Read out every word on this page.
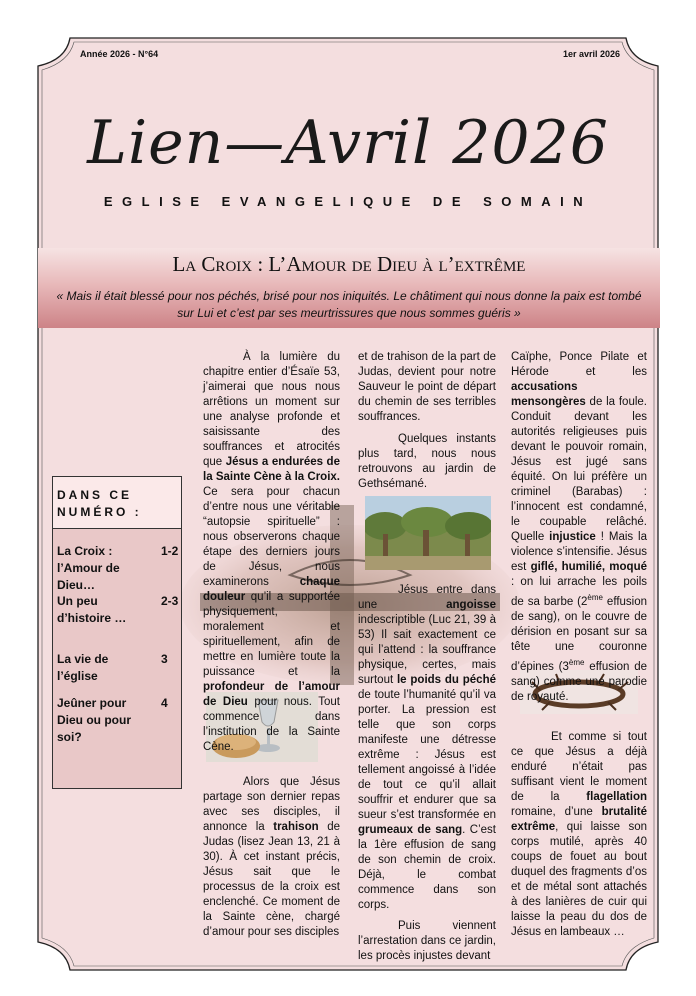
Année 2026 - N°64	1er avril 2026
Lien—Avril 2026
EGLISE EVANGELIQUE DE SOMAIN
La Croix : L’Amour de Dieu à l’extrême
« Mais il était blessé pour nos péchés, brisé pour nos iniquités. Le châtiment qui nous donne la paix est tombé sur Lui et c’est par ses meurtrissures que nous sommes guéris »
DANS CE NUMÉRO :
La Croix : l’Amour de Dieu…
1-2
Un peu d’histoire …
2-3
La vie de l’église
3
Jeûner pour Dieu ou pour soi?
4

À la lumière du chapitre entier d’Ésaïe 53, j’aimerai que nous nous arrêtions un moment sur une analyse profonde et saisissante des souffrances et atrocités que Jésus a endurées de la Sainte Cène à la Croix. Ce sera pour chacun d’entre nous une véritable “autopsie spirituelle” : nous observerons chaque étape des derniers jours de Jésus, nous examinerons chaque douleur qu’il a supportée physiquement, moralement et spirituellement, afin de mettre en lumière toute la puissance et la profondeur de l’amour de Dieu pour nous. Tout commence dans l’institution de la Sainte Cène.

Alors que Jésus partage son dernier repas avec ses disciples, il annonce la trahison de Judas (lisez Jean 13, 21 à 30). À cet instant précis, Jésus sait que le processus de la croix est enclenché. Ce moment de la Sainte cène, chargé d’amour pour ses disciples

et de trahison de la part de Judas, devient pour notre Sauveur le point de départ du chemin de ses terribles souffrances.

Quelques instants plus tard, nous nous retrouvons au jardin de Gethsémané.

Jésus entre dans une angoisse indescriptible (Luc 21, 39 à 53) Il sait exactement ce qui l’attend : la souffrance physique, certes, mais surtout le poids du péché de toute l’humanité qu’il va porter. La pression est telle que son corps manifeste une détresse extrême : Jésus est tellement angoissé à l’idée de tout ce qu’il allait souffrir et endurer que sa sueur s’est transformée en grumeaux de sang. C’est la 1ère effusion de sang de son chemin de croix. Déjà, le combat commence dans son corps.

Puis viennent l’arrestation dans ce jardin, les procès injustes devant

Caïphe, Ponce Pilate et Hérode et les accusations mensongères de la foule. Conduit devant les autorités religieuses puis devant le pouvoir romain, Jésus est jugé sans équité. On lui préfère un criminel (Barabas) : l’innocent est condamné, le coupable relâché. Quelle injustice ! Mais la violence s’intensifie. Jésus est giflé, humilié, moqué : on lui arrache les poils de sa barbe (2ème effusion de sang), on le couvre de dérision en posant sur sa tête une couronne d’épines (3ème effusion de sang) comme une parodie de royauté.

Et comme si tout ce que Jésus a déjà enduré n’était pas suffisant vient le moment de la flagellation romaine, d’une brutalité extrême, qui laisse son corps mutilé, après 40 coups de fouet au bout duquel des fragments d’os et de métal sont attachés à des lanières de cuir qui laisse la peau du dos de Jésus en lambeaux …
